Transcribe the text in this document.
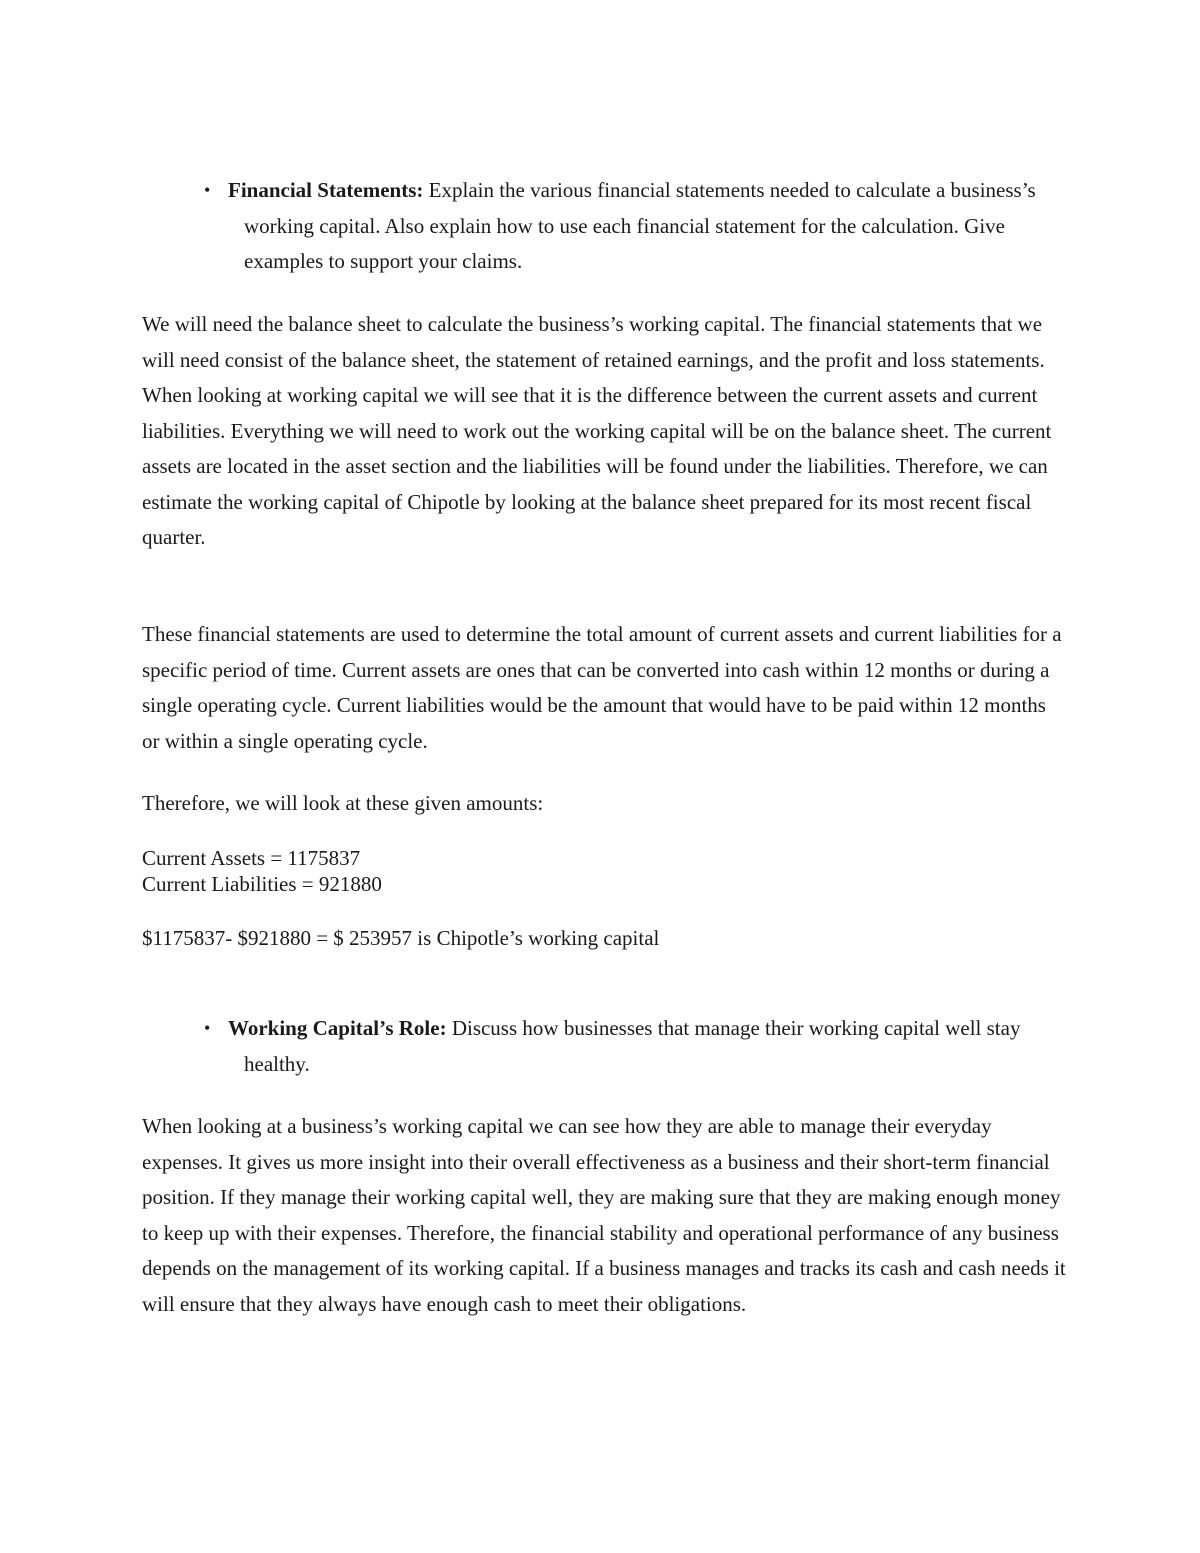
• Financial Statements: Explain the various financial statements needed to calculate a business’s working capital. Also explain how to use each financial statement for the calculation. Give examples to support your claims.

We will need the balance sheet to calculate the business’s working capital. The financial statements that we will need consist of the balance sheet, the statement of retained earnings, and the profit and loss statements. When looking at working capital we will see that it is the difference between the current assets and current liabilities. Everything we will need to work out the working capital will be on the balance sheet. The current assets are located in the asset section and the liabilities will be found under the liabilities. Therefore, we can estimate the working capital of Chipotle by looking at the balance sheet prepared for its most recent fiscal quarter.

These financial statements are used to determine the total amount of current assets and current liabilities for a specific period of time. Current assets are ones that can be converted into cash within 12 months or during a single operating cycle. Current liabilities would be the amount that would have to be paid within 12 months or within a single operating cycle.

Therefore, we will look at these given amounts:

Current Assets = 1175837

Current Liabilities = 921880

$1175837- $921880 = $ 253957 is Chipotle’s working capital

• Working Capital’s Role: Discuss how businesses that manage their working capital well stay healthy.

When looking at a business’s working capital we can see how they are able to manage their everyday expenses. It gives us more insight into their overall effectiveness as a business and their short-term financial position. If they manage their working capital well, they are making sure that they are making enough money to keep up with their expenses. Therefore, the financial stability and operational performance of any business depends on the management of its working capital. If a business manages and tracks its cash and cash needs it will ensure that they always have enough cash to meet their obligations.
